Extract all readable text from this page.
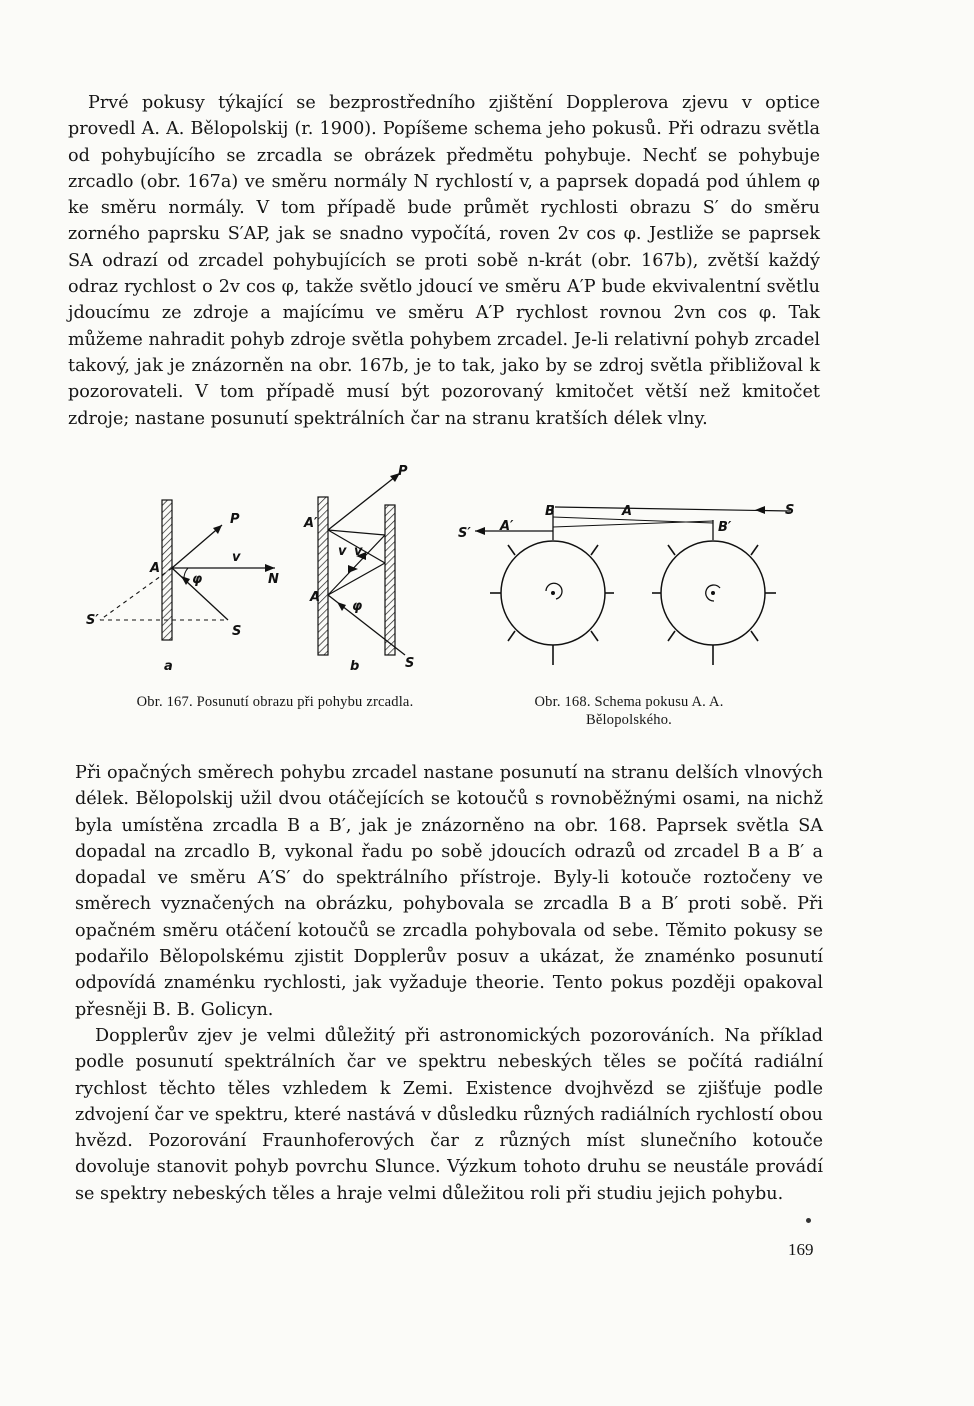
Prvé pokusy týkající se bezprostředního zjištění Dopplerova zjevu v optice provedl A. A. Bělopolskij (r. 1900). Popíšeme schema jeho pokusů. Při odrazu světla od pohybujícího se zrcadla se obrázek předmětu pohybuje. Nechť se pohybuje zrcadlo (obr. 167a) ve směru normály N rychlostí v, a paprsek dopadá pod úhlem φ ke směru normály. V tom případě bude průmět rychlosti obrazu S′ do směru zorného paprsku S′AP, jak se snadno vypočítá, roven 2v cos φ. Jestliže se paprsek SA odrazí od zrcadel pohybujících se proti sobě n-krát (obr. 167b), zvětší každý odraz rychlost o 2v cos φ, takže světlo jdoucí ve směru A′P bude ekvivalentní světlu jdoucímu ze zdroje a majícímu ve směru A′P rychlost rovnou 2vn cos φ. Tak můžeme nahradit pohyb zdroje světla pohybem zrcadel. Je-li relativní pohyb zrcadel takový, jak je znázorněn na obr. 167b, je to tak, jako by se zdroj světla přibližoval k pozorovateli. V tom případě musí být pozorovaný kmitočet větší než kmitočet zdroje; nastane posunutí spektrálních čar na stranu kratších délek vlny.

A
P
v
N
φ
S
S′
a
A′
P
v v
A
φ
S
b
B	A	S
S′ A′	B′
Obr. 167. Posunutí obrazu při pohybu zrcadla.	Obr. 168. Schema pokusu A. A. Bělopolského.

Při opačných směrech pohybu zrcadel nastane posunutí na stranu delších vlnových délek. Bělopolskij užil dvou otáčejících se kotoučů s rovnoběžnými osami, na nichž byla umístěna zrcadla B a B′, jak je znázorněno na obr. 168. Paprsek světla SA dopadal na zrcadlo B, vykonal řadu po sobě jdoucích odrazů od zrcadel B a B′ a dopadal ve směru A′S′ do spektrálního přístroje. Byly-li kotouče roztočeny ve směrech vyznačených na obrázku, pohybovala se zrcadla B a B′ proti sobě. Při opačném směru otáčení kotoučů se zrcadla pohybovala od sebe. Těmito pokusy se podařilo Bělopolskému zjistit Dopplerův posuv a ukázat, že znaménko posunutí odpovídá znaménku rychlosti, jak vyžaduje theorie. Tento pokus později opakoval přesněji B. B. Golicyn.

Dopplerův zjev je velmi důležitý při astronomických pozorováních. Na příklad podle posunutí spektrálních čar ve spektru nebeských těles se počítá radiální rychlost těchto těles vzhledem k Zemi. Existence dvojhvězd se zjišťuje podle zdvojení čar ve spektru, které nastává v důsledku různých radiálních rychlostí obou hvězd. Pozorování Fraunhoferových čar z různých míst slunečního kotouče dovoluje stanovit pohyb povrchu Slunce. Výzkum tohoto druhu se neustále provádí se spektry nebeských těles a hraje velmi důležitou roli při studiu jejich pohybu.

169
